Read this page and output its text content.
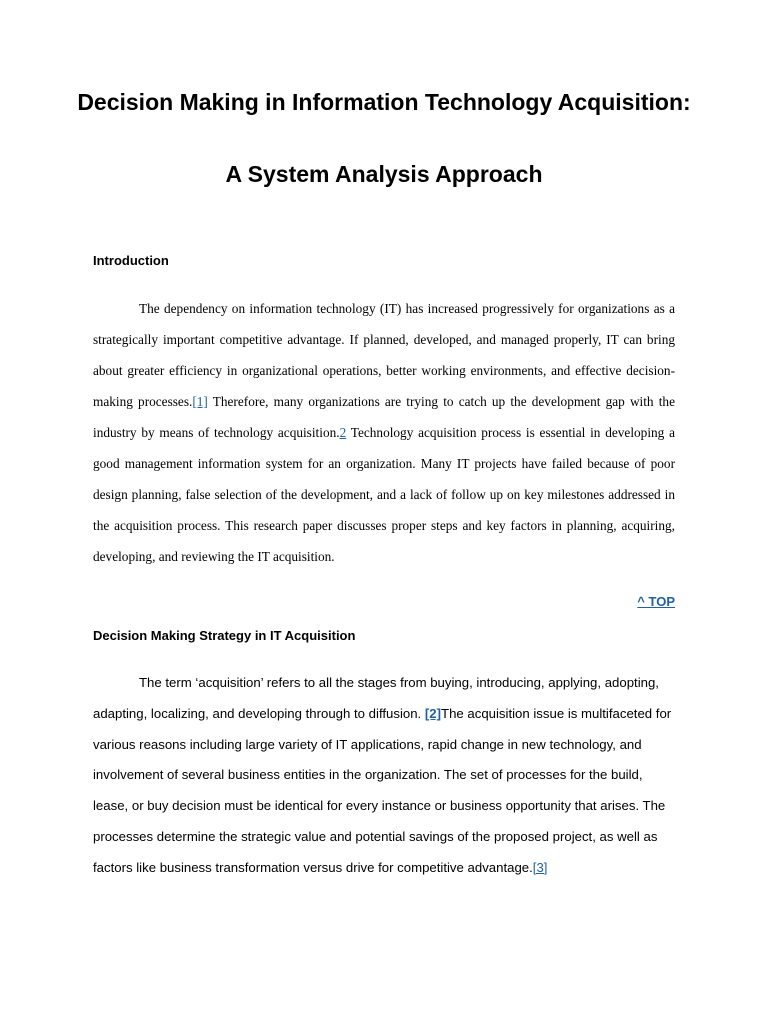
Decision Making in Information Technology Acquisition:
A System Analysis Approach
Introduction

The dependency on information technology (IT) has increased progressively for organizations as a strategically important competitive advantage. If planned, developed, and managed properly, IT can bring about greater efficiency in organizational operations, better working environments, and effective decision-making processes.[1] Therefore, many organizations are trying to catch up the development gap with the industry by means of technology acquisition.2 Technology acquisition process is essential in developing a good management information system for an organization. Many IT projects have failed because of poor design planning, false selection of the development, and a lack of follow up on key milestones addressed in the acquisition process. This research paper discusses proper steps and key factors in planning, acquiring, developing, and reviewing the IT acquisition.

^ TOP
Decision Making Strategy in IT Acquisition

The term ‘acquisition’ refers to all the stages from buying, introducing, applying, adopting, adapting, localizing, and developing through to diffusion. [2]The acquisition issue is multifaceted for various reasons including large variety of IT applications, rapid change in new technology, and involvement of several business entities in the organization. The set of processes for the build, lease, or buy decision must be identical for every instance or business opportunity that arises. The processes determine the strategic value and potential savings of the proposed project, as well as factors like business transformation versus drive for competitive advantage.[3]
